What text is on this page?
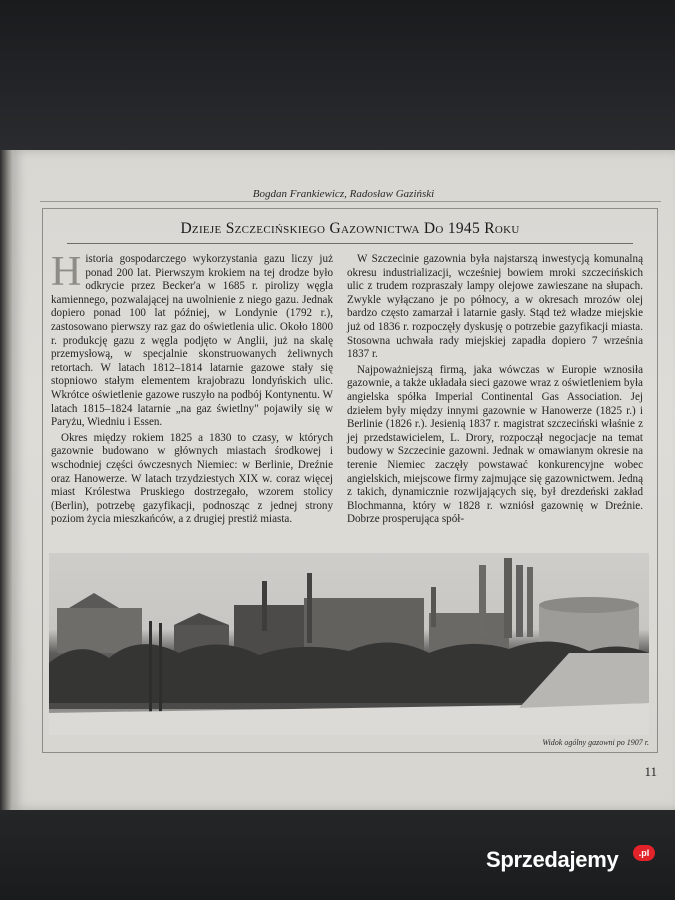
Bogdan Frankiewicz, Radosław Gaziński
Dzieje Szczecińskiego Gazownictwa Do 1945 Roku

Historia gospodarczego wykorzystania gazu liczy już ponad 200 lat. Pierwszym krokiem na tej drodze było odkrycie przez Becker'a w 1685 r. pirolizy węgla kamiennego, pozwalającej na uwolnienie z niego gazu. Jednak dopiero ponad 100 lat później, w Londynie (1792 r.), zastosowano pierwszy raz gaz do oświetlenia ulic. Około 1800 r. produkcję gazu z węgla podjęto w Anglii, już na skalę przemysłową, w specjalnie skonstruowanych żeliwnych retortach. W latach 1812–1814 latarnie gazowe stały się stopniowo stałym elementem krajobrazu londyńskich ulic. Wkrótce oświetlenie gazowe ruszyło na podbój Kontynentu. W latach 1815–1824 latarnie „na gaz świetlny" pojawiły się w Paryżu, Wiedniu i Essen.

Okres między rokiem 1825 a 1830 to czasy, w których gazownie budowano w głównych miastach środkowej i wschodniej części ówczesnych Niemiec: w Berlinie, Dreźnie oraz Hanowerze. W latach trzydziestych XIX w. coraz więcej miast Królestwa Pruskiego dostrzegało, wzorem stolicy (Berlin), potrzebę gazyfikacji, podnosząc z jednej strony poziom życia mieszkańców, a z drugiej prestiż miasta.

W Szczecinie gazownia była najstarszą inwestycją komunalną okresu industrializacji, wcześniej bowiem mroki szczecińskich ulic z trudem rozpraszały lampy olejowe zawieszane na słupach. Zwykle wyłączano je po północy, a w okresach mrozów olej bardzo często zamarzał i latarnie gasły. Stąd też władze miejskie już od 1836 r. rozpoczęły dyskusję o potrzebie gazyfikacji miasta. Stosowna uchwała rady miejskiej zapadła dopiero 7 września 1837 r.

Najpoważniejszą firmą, jaka wówczas w Europie wznosiła gazownie, a także układała sieci gazowe wraz z oświetleniem była angielska spółka Imperial Continental Gas Association. Jej dziełem były między innymi gazownie w Hanowerze (1825 r.) i Berlinie (1826 r.). Jesienią 1837 r. magistrat szczeciński właśnie z jej przedstawicielem, L. Drory, rozpoczął negocjacje na temat budowy w Szczecinie gazowni. Jednak w omawianym okresie na terenie Niemiec zaczęły powstawać konkurencyjne wobec angielskich, miejscowe firmy zajmujące się gazownictwem. Jedną z takich, dynamicznie rozwijających się, był drezdeński zakład Blochmanna, który w 1828 r. wzniósł gazownię w Dreźnie. Dobrze prosperująca spół-

Widok ogólny gazowni po 1907 r.
11
Sprzedajemy	.pl
